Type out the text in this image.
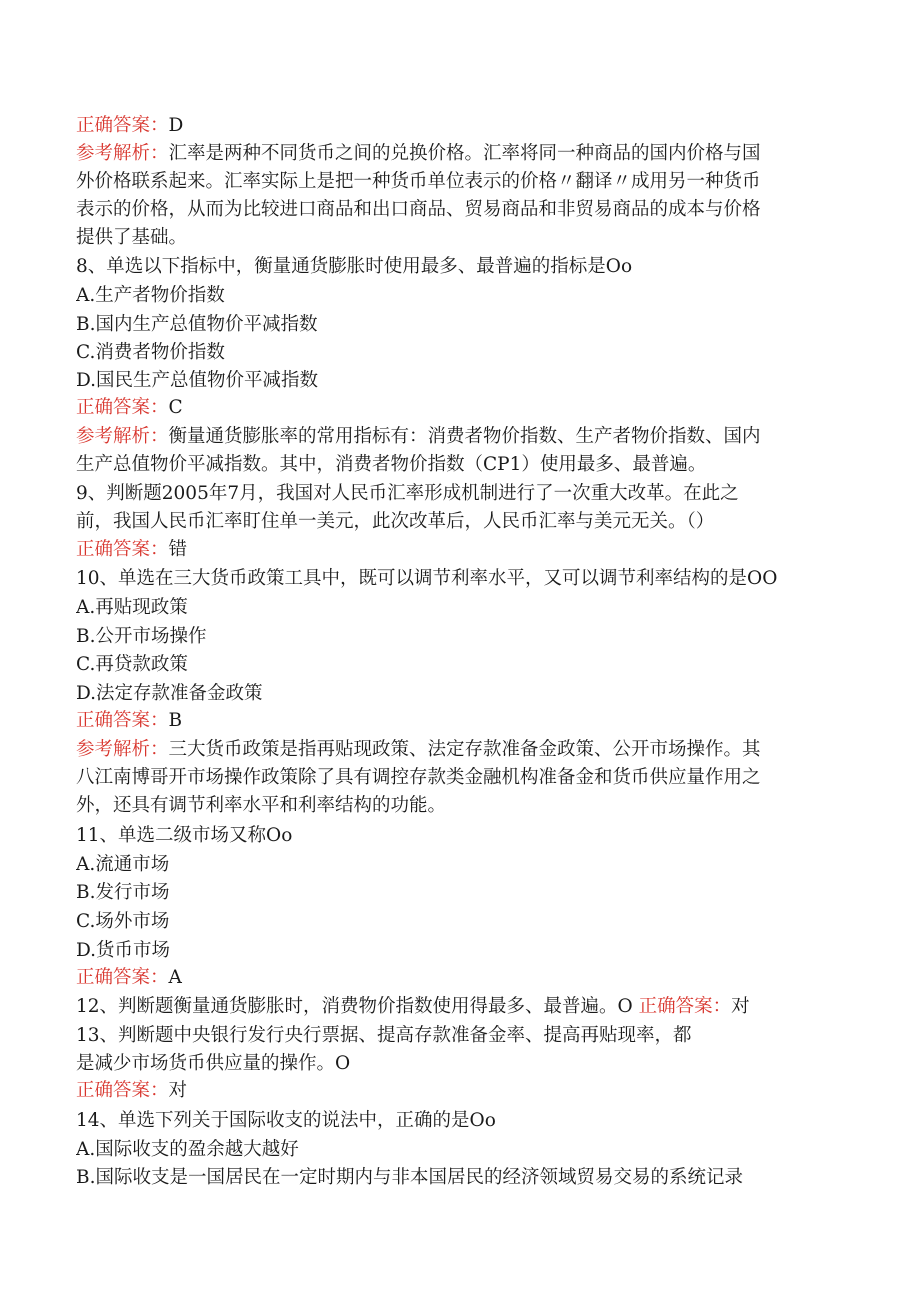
正确答案：D
参考解析：汇率是两种不同货币之间的兑换价格。汇率将同一种商品的国内价格与国
外价格联系起来。汇率实际上是把一种货币单位表示的价格〃翻译〃成用另一种货币
表示的价格，从而为比较进口商品和出口商品、贸易商品和非贸易商品的成本与价格
提供了基础。
8、单选以下指标中，衡量通货膨胀时使用最多、最普遍的指标是Oo
A.生产者物价指数
B.国内生产总值物价平减指数
C.消费者物价指数
D.国民生产总值物价平减指数
正确答案：C
参考解析：衡量通货膨胀率的常用指标有：消费者物价指数、生产者物价指数、国内
生产总值物价平减指数。其中，消费者物价指数（CP1）使用最多、最普遍。
9、判断题2005年7月，我国对人民币汇率形成机制进行了一次重大改革。在此之
前，我国人民币汇率盯住单一美元，此次改革后，人民币汇率与美元无关。（）
正确答案：错
10、单选在三大货币政策工具中，既可以调节利率水平，又可以调节利率结构的是OO
A.再贴现政策
B.公开市场操作
C.再贷款政策
D.法定存款准备金政策
正确答案：B
参考解析：三大货币政策是指再贴现政策、法定存款准备金政策、公开市场操作。其
八江南博哥开市场操作政策除了具有调控存款类金融机构准备金和货币供应量作用之
外，还具有调节利率水平和利率结构的功能。
11、单选二级市场又称Oo
A.流通市场
B.发行市场
C.场外市场
D.货币市场
正确答案：A
12、判断题衡量通货膨胀时，消费物价指数使用得最多、最普遍。O 正确答案：对
13、判断题中央银行发行央行票据、提高存款准备金率、提高再贴现率，都
是减少市场货币供应量的操作。O
正确答案：对
14、单选下列关于国际收支的说法中，正确的是Oo
A.国际收支的盈余越大越好
B.国际收支是一国居民在一定时期内与非本国居民的经济领域贸易交易的系统记录
